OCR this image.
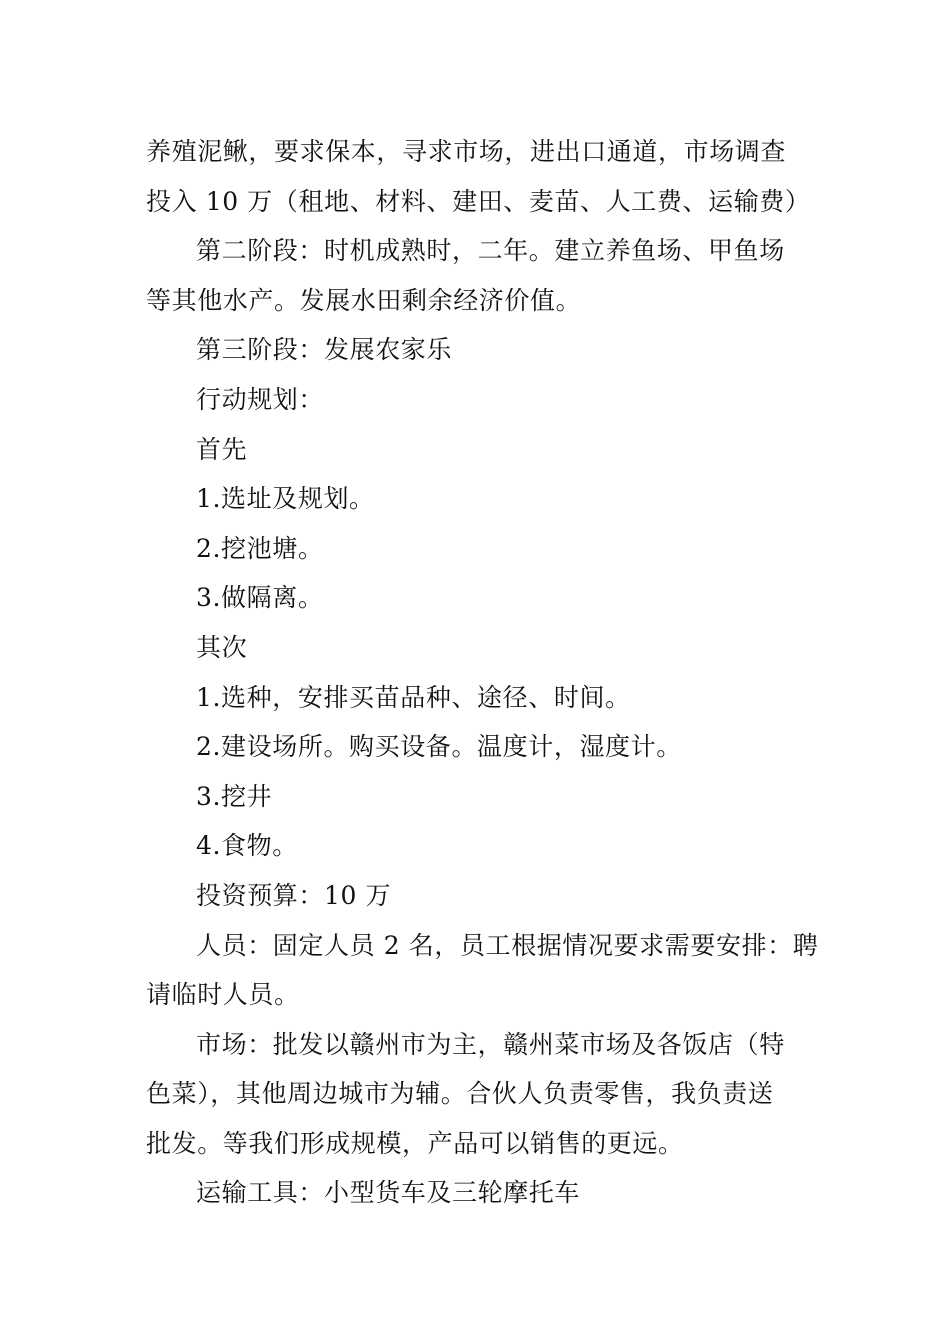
养殖泥鳅，要求保本，寻求市场，进出口通道，市场调查
投入 10 万（租地、材料、建田、麦苗、人工费、运输费）
第二阶段：时机成熟时，二年。建立养鱼场、甲鱼场
等其他水产。发展水田剩余经济价值。
第三阶段：发展农家乐
行动规划：
首先
1.选址及规划。
2.挖池塘。
3.做隔离。
其次
1.选种，安排买苗品种、途径、时间。
2.建设场所。购买设备。温度计，湿度计。
3.挖井
4.食物。
投资预算：10 万
人员：固定人员 2 名，员工根据情况要求需要安排：聘
请临时人员。
市场：批发以赣州市为主，赣州菜市场及各饭店（特
色菜），其他周边城市为辅。合伙人负责零售，我负责送
批发。等我们形成规模，产品可以销售的更远。
运输工具：小型货车及三轮摩托车
